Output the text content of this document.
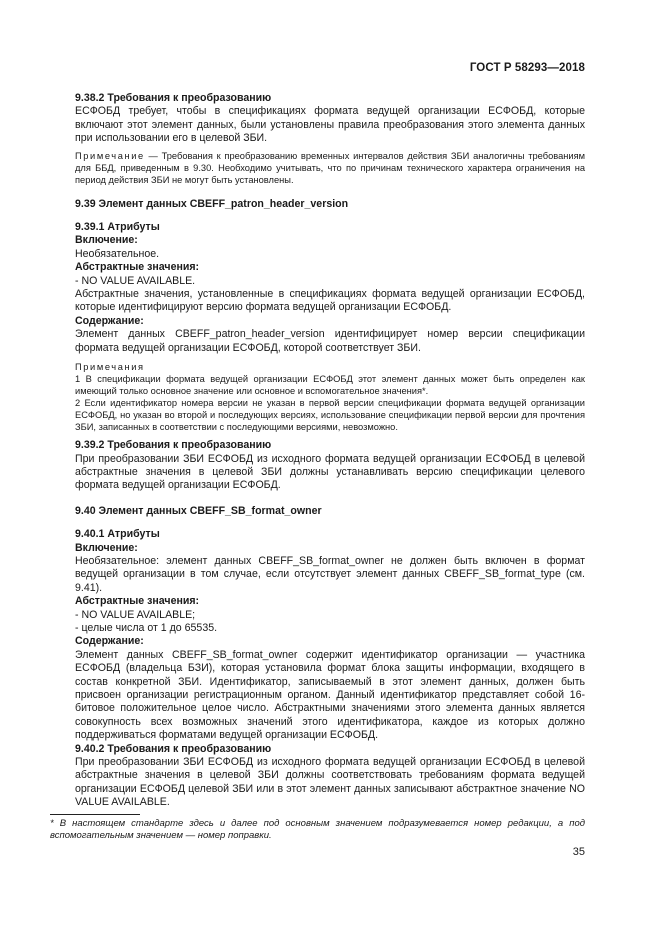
ГОСТ Р 58293—2018

9.38.2 Требования к преобразованию

ЕСФОБД требует, чтобы в спецификациях формата ведущей организации ЕСФОБД, которые включают этот элемент данных, были установлены правила преобразования этого элемента данных при использовании его в целевой ЗБИ.

Примечание — Требования к преобразованию временных интервалов действия ЗБИ аналогичны требованиям для ББД, приведенным в 9.30. Необходимо учитывать, что по причинам технического характера ограничения на период действия ЗБИ не могут быть установлены.

9.39 Элемент данных CBEFF_patron_header_version

9.39.1 Атрибуты

Включение:

Необязательное.

Абстрактные значения:

- NO VALUE AVAILABLE.

Абстрактные значения, установленные в спецификациях формата ведущей организации ЕСФОБД, которые идентифицируют версию формата ведущей организации ЕСФОБД.

Содержание:

Элемент данных CBEFF_patron_header_version идентифицирует номер версии спецификации формата ведущей организации ЕСФОБД, которой соответствует ЗБИ.

Примечания

1 В спецификации формата ведущей организации ЕСФОБД этот элемент данных может быть определен как имеющий только основное значение или основное и вспомогательное значения*.

2 Если идентификатор номера версии не указан в первой версии спецификации формата ведущей организации ЕСФОБД, но указан во второй и последующих версиях, использование спецификации первой версии для прочтения ЗБИ, записанных в соответствии с последующими версиями, невозможно.

9.39.2 Требования к преобразованию

При преобразовании ЗБИ ЕСФОБД из исходного формата ведущей организации ЕСФОБД в целевой абстрактные значения в целевой ЗБИ должны устанавливать версию спецификации целевого формата ведущей организации ЕСФОБД.

9.40 Элемент данных CBEFF_SB_format_owner

9.40.1 Атрибуты

Включение:

Необязательное: элемент данных CBEFF_SB_format_owner не должен быть включен в формат ведущей организации в том случае, если отсутствует элемент данных CBEFF_SB_format_type (см. 9.41).

Абстрактные значения:

- NO VALUE AVAILABLE;

- целые числа от 1 до 65535.

Содержание:

Элемент данных CBEFF_SB_format_owner содержит идентификатор организации — участника ЕСФОБД (владельца БЗИ), которая установила формат блока защиты информации, входящего в состав конкретной ЗБИ. Идентификатор, записываемый в этот элемент данных, должен быть присвоен организации регистрационным органом. Данный идентификатор представляет собой 16-битовое положительное целое число. Абстрактными значениями этого элемента данных является совокупность всех возможных значений этого идентификатора, каждое из которых должно поддерживаться форматами ведущей организации ЕСФОБД.

9.40.2 Требования к преобразованию

При преобразовании ЗБИ ЕСФОБД из исходного формата ведущей организации ЕСФОБД в целевой абстрактные значения в целевой ЗБИ должны соответствовать требованиям формата ведущей организации ЕСФОБД целевой ЗБИ или в этот элемент данных записывают абстрактное значение NO VALUE AVAILABLE.

* В настоящем стандарте здесь и далее под основным значением подразумевается номер редакции, а под вспомогательным значением — номер поправки.
35
